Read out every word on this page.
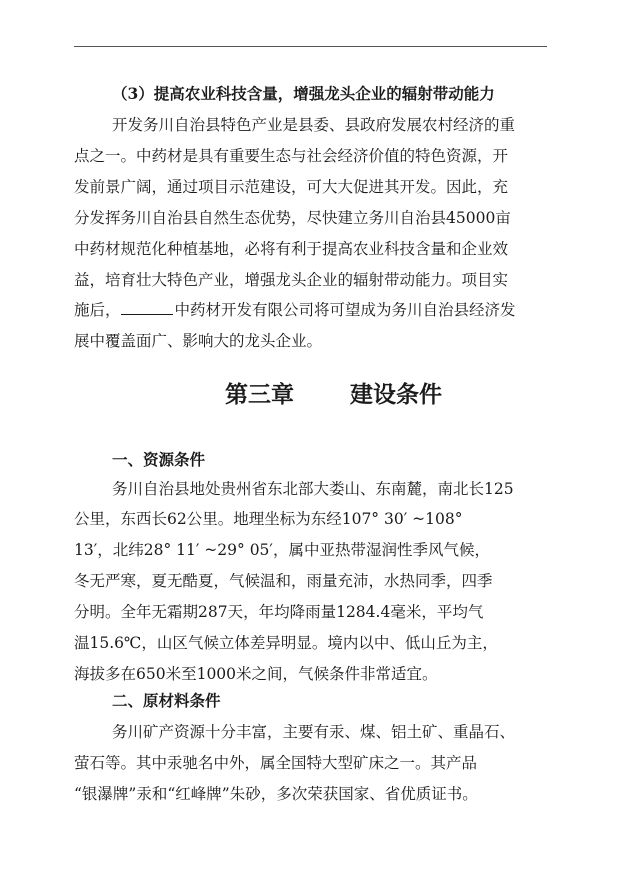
（3）提高农业科技含量，增强龙头企业的辐射带动能力
开发务川自治县特色产业是县委、县政府发展农村经济的重
点之一。中药材是具有重要生态与社会经济价值的特色资源，开
发前景广阔，通过项目示范建设，可大大促进其开发。因此，充
分发挥务川自治县自然生态优势，尽快建立务川自治县45000亩
中药材规范化种植基地，必将有利于提高农业科技含量和企业效
益，培育壮大特色产业，增强龙头企业的辐射带动能力。项目实
施后，	中药材开发有限公司将可望成为务川自治县经济发
展中覆盖面广、影响大的龙头企业。
第三章 建设条件
一、资源条件
务川自治县地处贵州省东北部大娄山、东南麓，南北长125
公里，东西长62公里。地理坐标为东经107° 30′ ~108°
13′，北纬28° 11′ ~29° 05′，属中亚热带湿润性季风气候，
冬无严寒，夏无酷夏，气候温和，雨量充沛，水热同季，四季
分明。全年无霜期287天，年均降雨量1284.4毫米，平均气
温15.6℃，山区气候立体差异明显。境内以中、低山丘为主，
海拔多在650米至1000米之间，气候条件非常适宜。
二、原材料条件
务川矿产资源十分丰富，主要有汞、煤、铝土矿、重晶石、
萤石等。其中汞驰名中外，属全国特大型矿床之一。其产品
“银瀑牌”汞和“红峰牌”朱砂，多次荣获国家、省优质证书。
